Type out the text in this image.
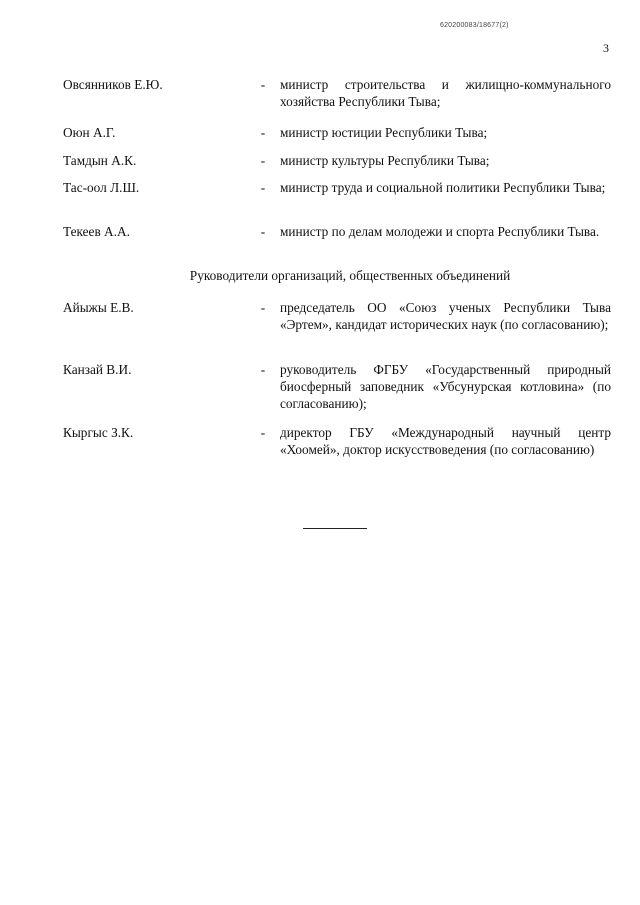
620200083/18677(2)
3
Овсянников Е.Ю.	- министр строительства и жилищно-коммунального хозяйства Республики Тыва;
Оюн А.Г.	- министр юстиции Республики Тыва;
Тамдын А.К.	- министр культуры Республики Тыва;
Тас-оол Л.Ш.	- министр труда и социальной политики Республики Тыва;
Текеев А.А.	- министр по делам молодежи и спорта Республики Тыва.
Руководители организаций, общественных объединений
Айыжы Е.В.	- председатель ОО «Союз ученых Республики Тыва «Эртем», кандидат исторических наук (по согласованию);
Канзай В.И.	- руководитель ФГБУ «Государственный природный биосферный заповедник «Убсунурская котловина» (по согласованию);
Кыргыс З.К.	- директор ГБУ «Международный научный центр «Хоомей», доктор искусствоведения (по согласованию)
